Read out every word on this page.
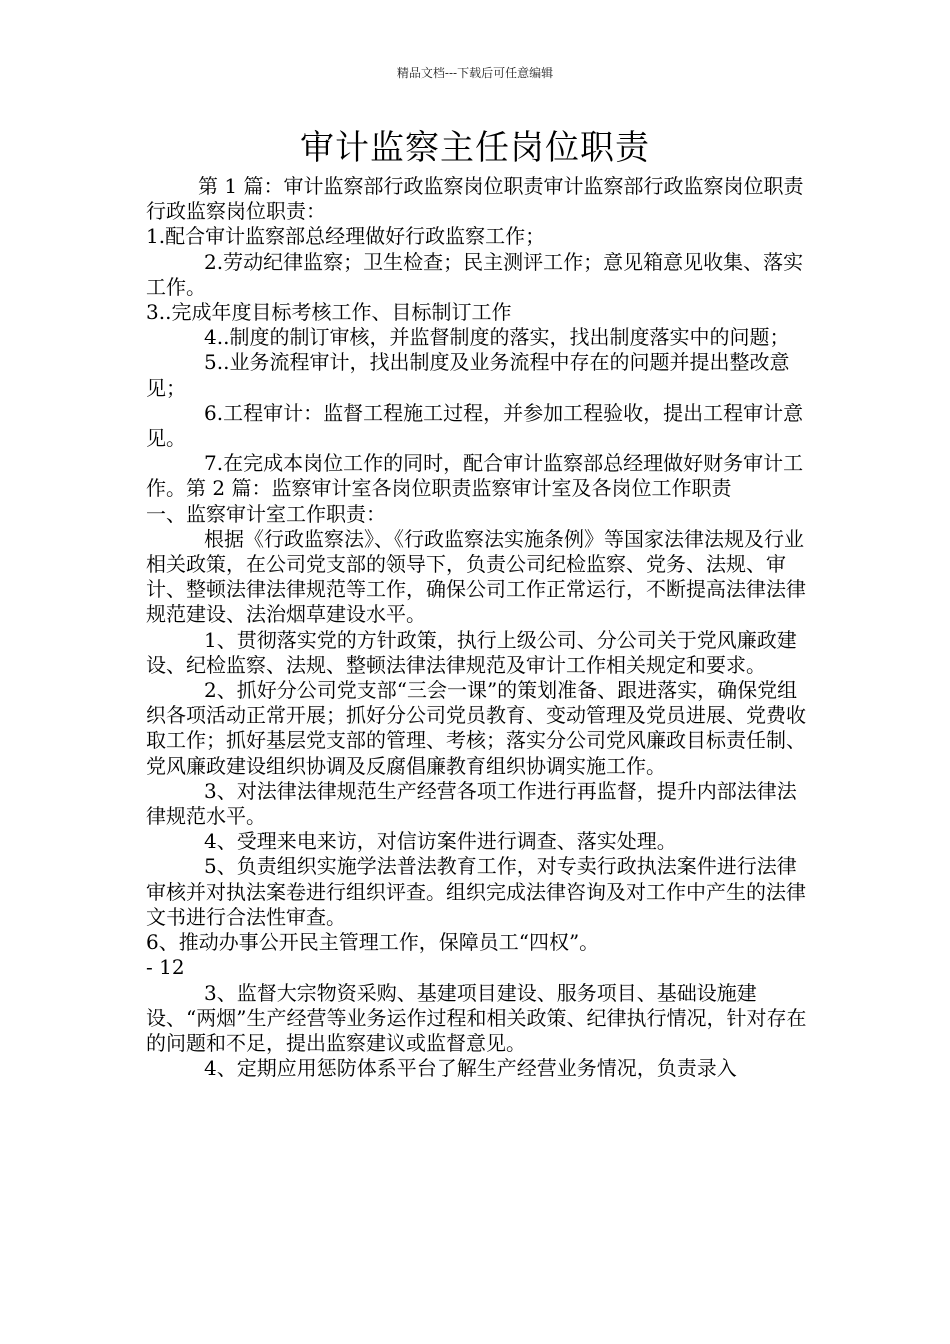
精品文档---下载后可任意编辑
审计监察主任岗位职责

第 1 篇：审计监察部行政监察岗位职责审计监察部行政监察岗位职责

行政监察岗位职责：

1.配合审计监察部总经理做好行政监察工作；

2.劳动纪律监察；卫生检查；民主测评工作；意见箱意见收集、落实

工作。

3..完成年度目标考核工作、目标制订工作

4..制度的制订审核，并监督制度的落实，找出制度落实中的问题；

5..业务流程审计，找出制度及业务流程中存在的问题并提出整改意见；

6.工程审计：监督工程施工过程，并参加工程验收，提出工程审计意见。

7.在完成本岗位工作的同时，配合审计监察部总经理做好财务审计工作。第 2 篇：监察审计室各岗位职责监察审计室及各岗位工作职责

一、监察审计室工作职责：

根据《行政监察法》、《行政监察法实施条例》等国家法律法规及行业相关政策，在公司党支部的领导下，负责公司纪检监察、党务、法规、审计、整顿法律法律规范等工作，确保公司工作正常运行，不断提高法律法律规范建设、法治烟草建设水平。

1、贯彻落实党的方针政策，执行上级公司、分公司关于党风廉政建设、纪检监察、法规、整顿法律法律规范及审计工作相关规定和要求。

2、抓好分公司党支部“三会一课”的策划准备、跟进落实，确保党组织各项活动正常开展；抓好分公司党员教育、变动管理及党员进展、党费收取工作；抓好基层党支部的管理、考核；落实分公司党风廉政目标责任制、党风廉政建设组织协调及反腐倡廉教育组织协调实施工作。

3、对法律法律规范生产经营各项工作进行再监督，提升内部法律法律规范水平。

4、受理来电来访，对信访案件进行调查、落实处理。

5、负责组织实施学法普法教育工作，对专卖行政执法案件进行法律审核并对执法案卷进行组织评查。组织完成法律咨询及对工作中产生的法律文书进行合法性审查。

6、推动办事公开民主管理工作，保障员工“四权”。

- 12

3、监督大宗物资采购、基建项目建设、服务项目、基础设施建设、“两烟”生产经营等业务运作过程和相关政策、纪律执行情况，针对存在的问题和不足，提出监察建议或监督意见。

4、定期应用惩防体系平台了解生产经营业务情况，负责录入
